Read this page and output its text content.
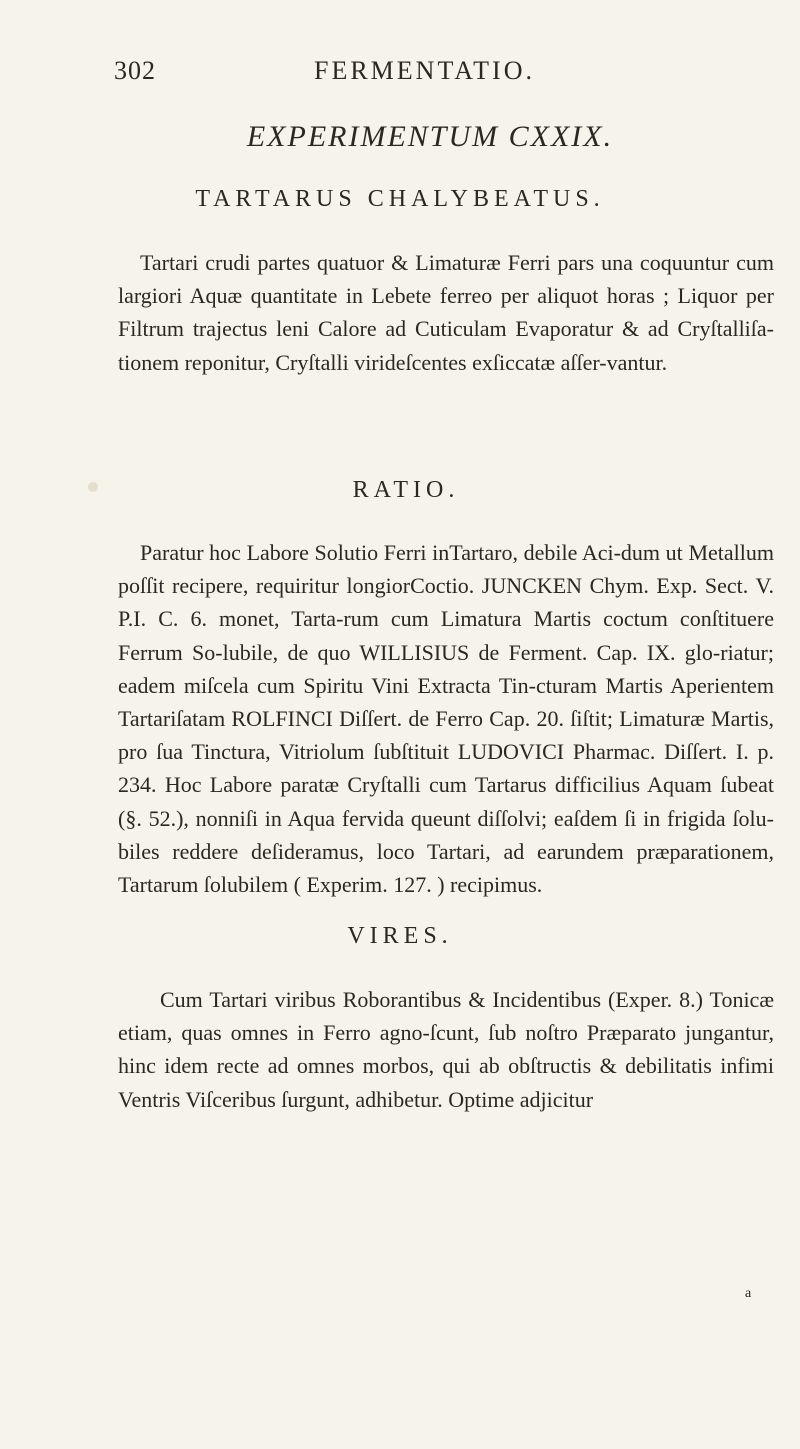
302	FERMENTATIO.
EXPERIMENTUM CXXIX.
TARTARUS CHALYBEATUS.
Tartari crudi partes quatuor & Limaturæ Ferri pars una coquuntur cum largiori Aquæ quantitate in Lebete ferreo per aliquot horas ; Liquor per Filtrum trajectus leni Calore ad Cuticulam Evaporatur & ad Cryſtalliſa-tionem reponitur, Cryſtalli virideſcentes exſiccatæ aſſer-vantur.
RATIO.
Paratur hoc Labore Solutio Ferri inTartaro, debile Aci-dum ut Metallum poſſit recipere, requiritur longiorCoctio. JUNCKEN Chym. Exp. Sect. V. P.I. C. 6. monet, Tarta-rum cum Limatura Martis coctum conſtituere Ferrum So-lubile, de quo WILLISIUS de Ferment. Cap. IX. glo-riatur; eadem miſcela cum Spiritu Vini Extracta Tin-cturam Martis Aperientem Tartariſatam ROLFINCI Diſſert. de Ferro Cap. 20. ſiſtit; Limaturæ Martis, pro ſua Tinctura, Vitriolum ſubſtituit LUDOVICI Pharmac. Diſſert. I. p. 234. Hoc Labore paratæ Cryſtalli cum Tartarus difficilius Aquam ſubeat (§. 52.), nonniſi in Aqua fervida queunt diſſolvi; eaſdem ſi in frigida ſolu-biles reddere deſideramus, loco Tartari, ad earundem præparationem, Tartarum ſolubilem ( Experim. 127. ) recipimus.
VIRES.
Cum Tartari viribus Roborantibus & Incidentibus (Exper. 8.) Tonicæ etiam, quas omnes in Ferro agno-ſcunt, ſub noſtro Præparato jungantur, hinc idem recte ad omnes morbos, qui ab obſtructis & debilitatis infimi Ventris Viſceribus ſurgunt, adhibetur. Optime adjicitur
a
